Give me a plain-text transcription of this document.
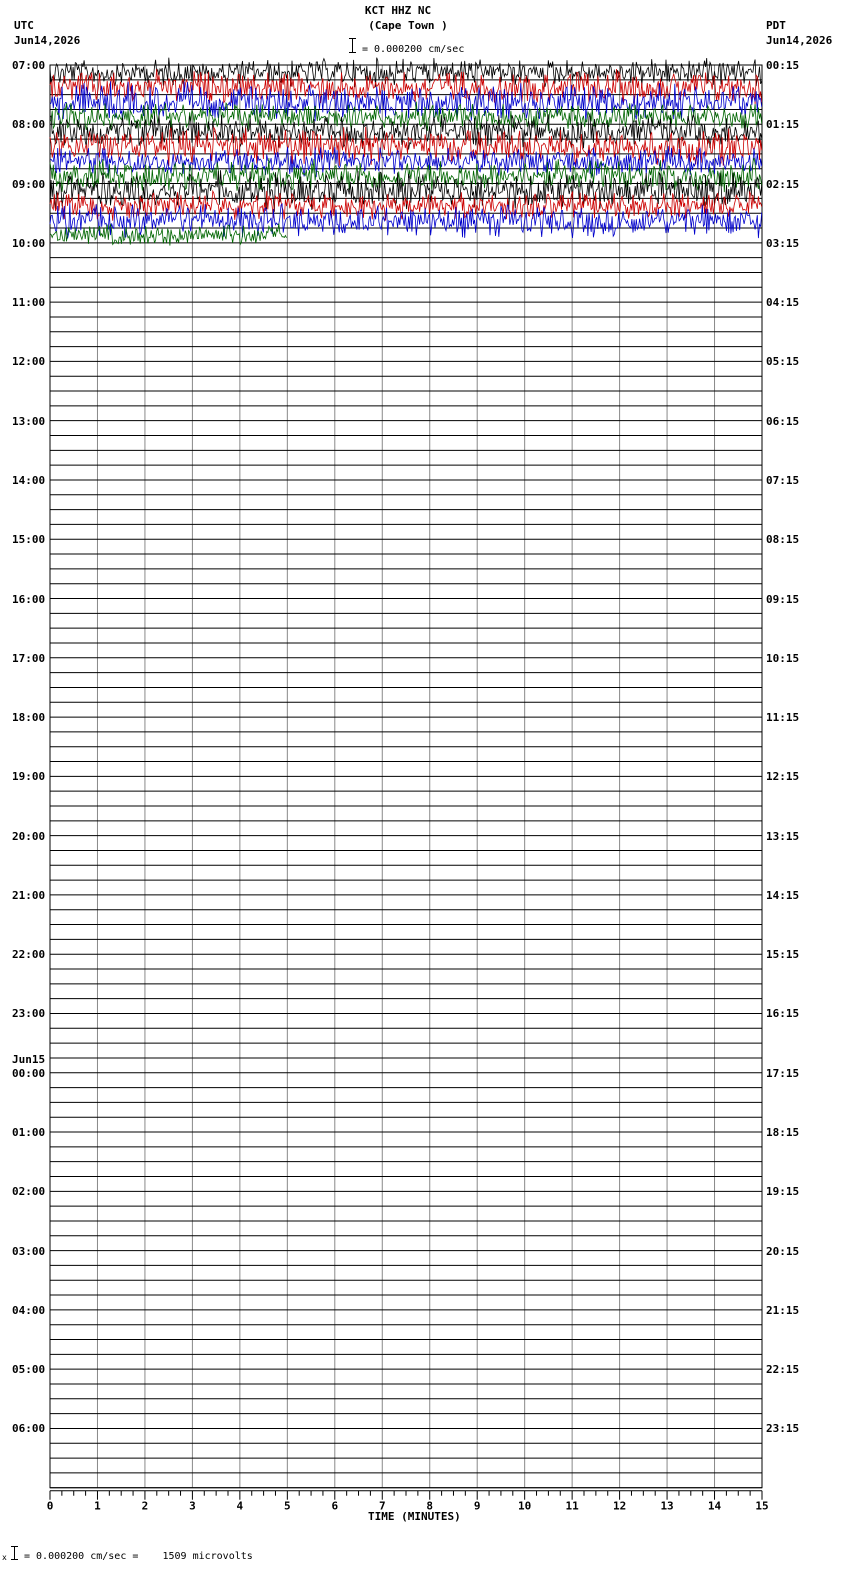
0	1	2	3	4	5	6	7	8	9	10	11	12	13	14	15
KCT HHZ NC
(Cape Town )
UTC
Jun14,2026
PDT
Jun14,2026
= 0.000200 cm/sec
TIME (MINUTES)
x = 0.000200 cm/sec =    1509 microvolts
07:00	00:15
08:00	01:15
09:00	02:15
10:00	03:15
11:00	04:15
12:00	05:15
13:00	06:15
14:00	07:15
15:00	08:15
16:00	09:15
17:00	10:15
18:00	11:15
19:00	12:15
20:00	13:15
21:00	14:15
22:00	15:15
23:00	16:15
00:00	17:15
Jun15
01:00	18:15
02:00	19:15
03:00	20:15
04:00	21:15
05:00	22:15
06:00	23:15
